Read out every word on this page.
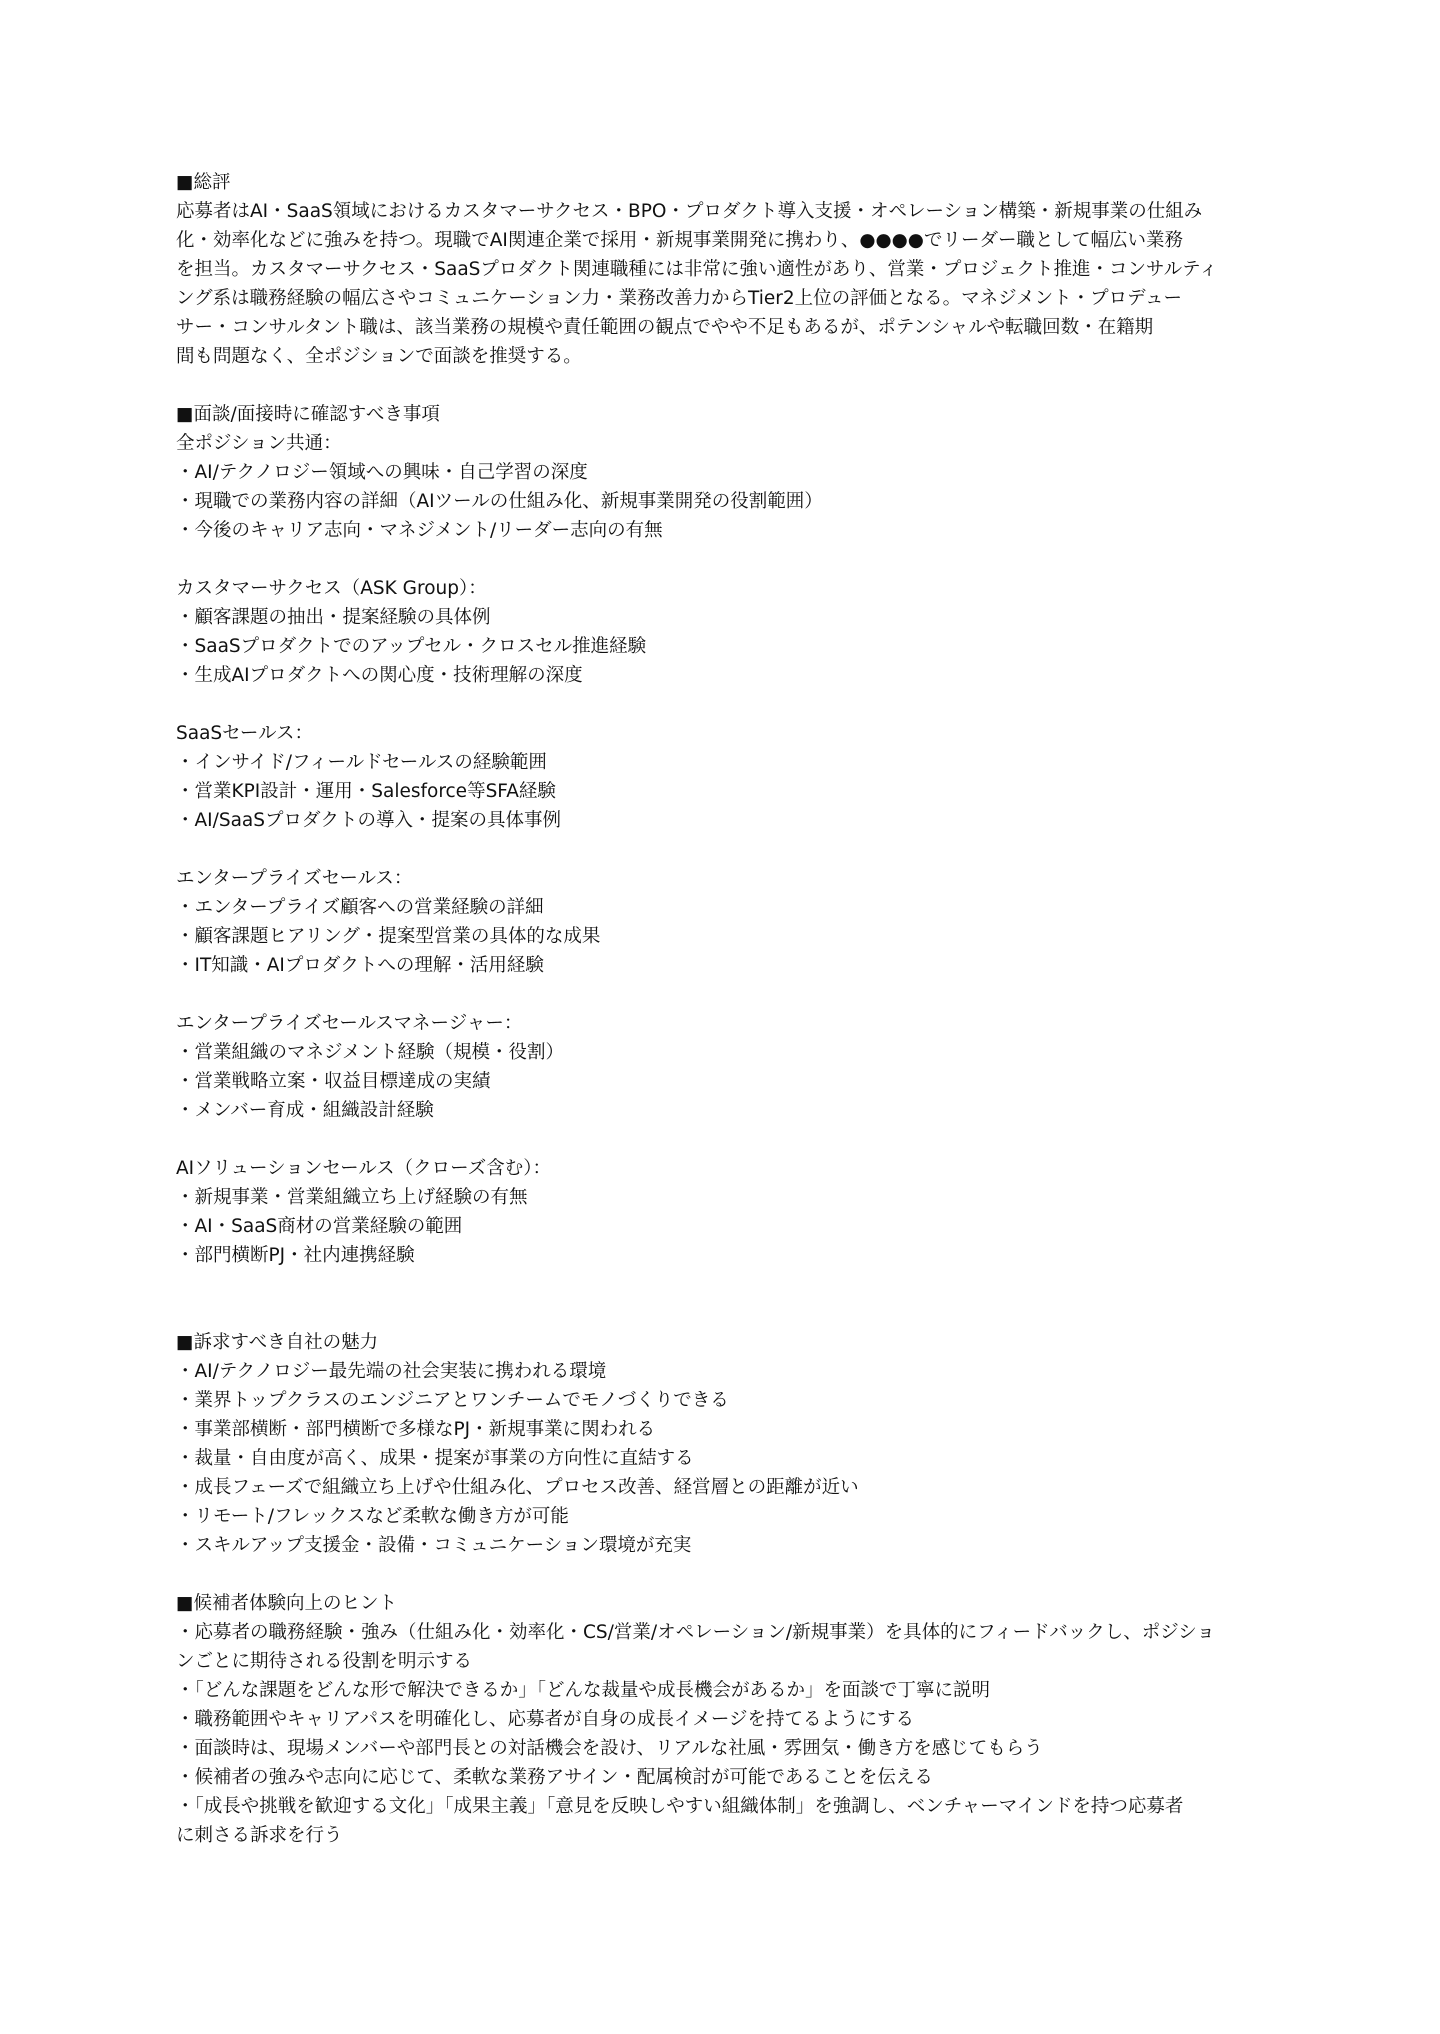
■総評
応募者はAI・SaaS領域におけるカスタマーサクセス・BPO・プロダクト導入支援・オペレーション構築・新規事業の仕組み
化・効率化などに強みを持つ。現職でAI関連企業で採用・新規事業開発に携わり、●●●●でリーダー職として幅広い業務
を担当。カスタマーサクセス・SaaSプロダクト関連職種には非常に強い適性があり、営業・プロジェクト推進・コンサルティ
ング系は職務経験の幅広さやコミュニケーション力・業務改善力からTier2上位の評価となる。マネジメント・プロデュー
サー・コンサルタント職は、該当業務の規模や責任範囲の観点でやや不足もあるが、ポテンシャルや転職回数・在籍期
間も問題なく、全ポジションで面談を推奨する。
■面談/面接時に確認すべき事項
全ポジション共通：
・AI/テクノロジー領域への興味・自己学習の深度
・現職での業務内容の詳細（AIツールの仕組み化、新規事業開発の役割範囲）
・今後のキャリア志向・マネジメント/リーダー志向の有無
カスタマーサクセス（ASK Group）：
・顧客課題の抽出・提案経験の具体例
・SaaSプロダクトでのアップセル・クロスセル推進経験
・生成AIプロダクトへの関心度・技術理解の深度
SaaSセールス：
・インサイド/フィールドセールスの経験範囲
・営業KPI設計・運用・Salesforce等SFA経験
・AI/SaaSプロダクトの導入・提案の具体事例
エンタープライズセールス：
・エンタープライズ顧客への営業経験の詳細
・顧客課題ヒアリング・提案型営業の具体的な成果
・IT知識・AIプロダクトへの理解・活用経験
エンタープライズセールスマネージャー：
・営業組織のマネジメント経験（規模・役割）
・営業戦略立案・収益目標達成の実績
・メンバー育成・組織設計経験
AIソリューションセールス（クローズ含む）：
・新規事業・営業組織立ち上げ経験の有無
・AI・SaaS商材の営業経験の範囲
・部門横断PJ・社内連携経験
■訴求すべき自社の魅力
・AI/テクノロジー最先端の社会実装に携われる環境
・業界トップクラスのエンジニアとワンチームでモノづくりできる
・事業部横断・部門横断で多様なPJ・新規事業に関われる
・裁量・自由度が高く、成果・提案が事業の方向性に直結する
・成長フェーズで組織立ち上げや仕組み化、プロセス改善、経営層との距離が近い
・リモート/フレックスなど柔軟な働き方が可能
・スキルアップ支援金・設備・コミュニケーション環境が充実
■候補者体験向上のヒント
・応募者の職務経験・強み（仕組み化・効率化・CS/営業/オペレーション/新規事業）を具体的にフィードバックし、ポジショ
ンごとに期待される役割を明示する
・「どんな課題をどんな形で解決できるか」「どんな裁量や成長機会があるか」を面談で丁寧に説明
・職務範囲やキャリアパスを明確化し、応募者が自身の成長イメージを持てるようにする
・面談時は、現場メンバーや部門長との対話機会を設け、リアルな社風・雰囲気・働き方を感じてもらう
・候補者の強みや志向に応じて、柔軟な業務アサイン・配属検討が可能であることを伝える
・「成長や挑戦を歓迎する文化」「成果主義」「意見を反映しやすい組織体制」を強調し、ベンチャーマインドを持つ応募者
に刺さる訴求を行う
